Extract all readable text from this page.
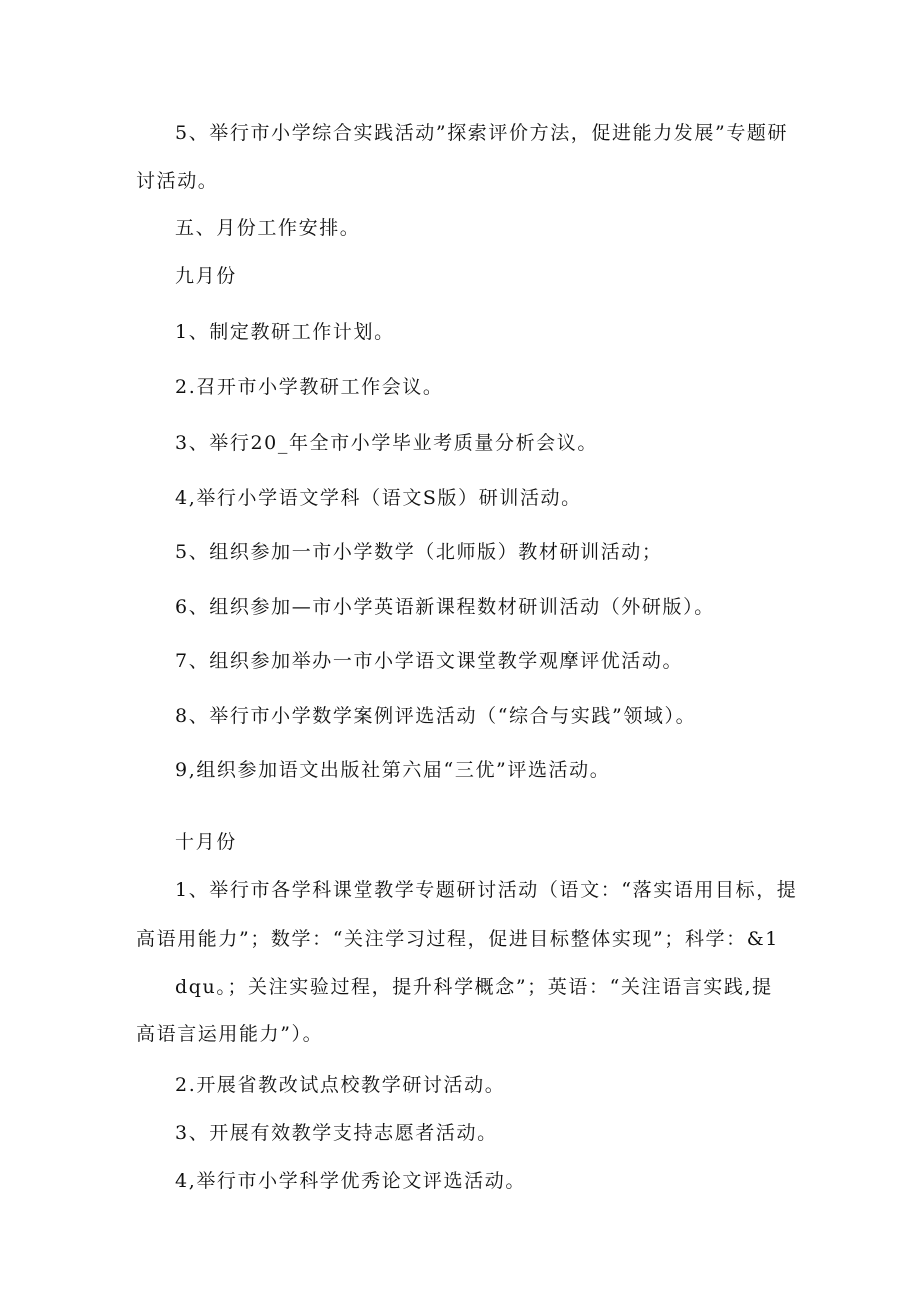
5、举行市小学综合实践活动”探索评价方法，促进能力发展”专题研
讨活动。
五、月份工作安排。
九月份
1、制定教研工作计划。
2.召开市小学教研工作会议。
3、举行20_年全市小学毕业考质量分析会议。
4,举行小学语文学科（语文S版）研训活动。
5、组织参加一市小学数学（北师版）教材研训活动；
6、组织参加—市小学英语新课程数材研训活动（外研版）。
7、组织参加举办一市小学语文课堂教学观摩评优活动。
8、举行市小学数学案例评选活动（“综合与实践”领域）。
9,组织参加语文出版社第六届“三优”评选活动。
十月份
1、举行市各学科课堂教学专题研讨活动（语文：“落实语用目标，提
高语用能力”；数学：“关注学习过程，促进目标整体实现”；科学：&1
dqu。；关注实验过程，提升科学概念”；英语：“关注语言实践,提
高语言运用能力”）。
2.开展省教改试点校教学研讨活动。
3、开展有效教学支持志愿者活动。
4,举行市小学科学优秀论文评选活动。
